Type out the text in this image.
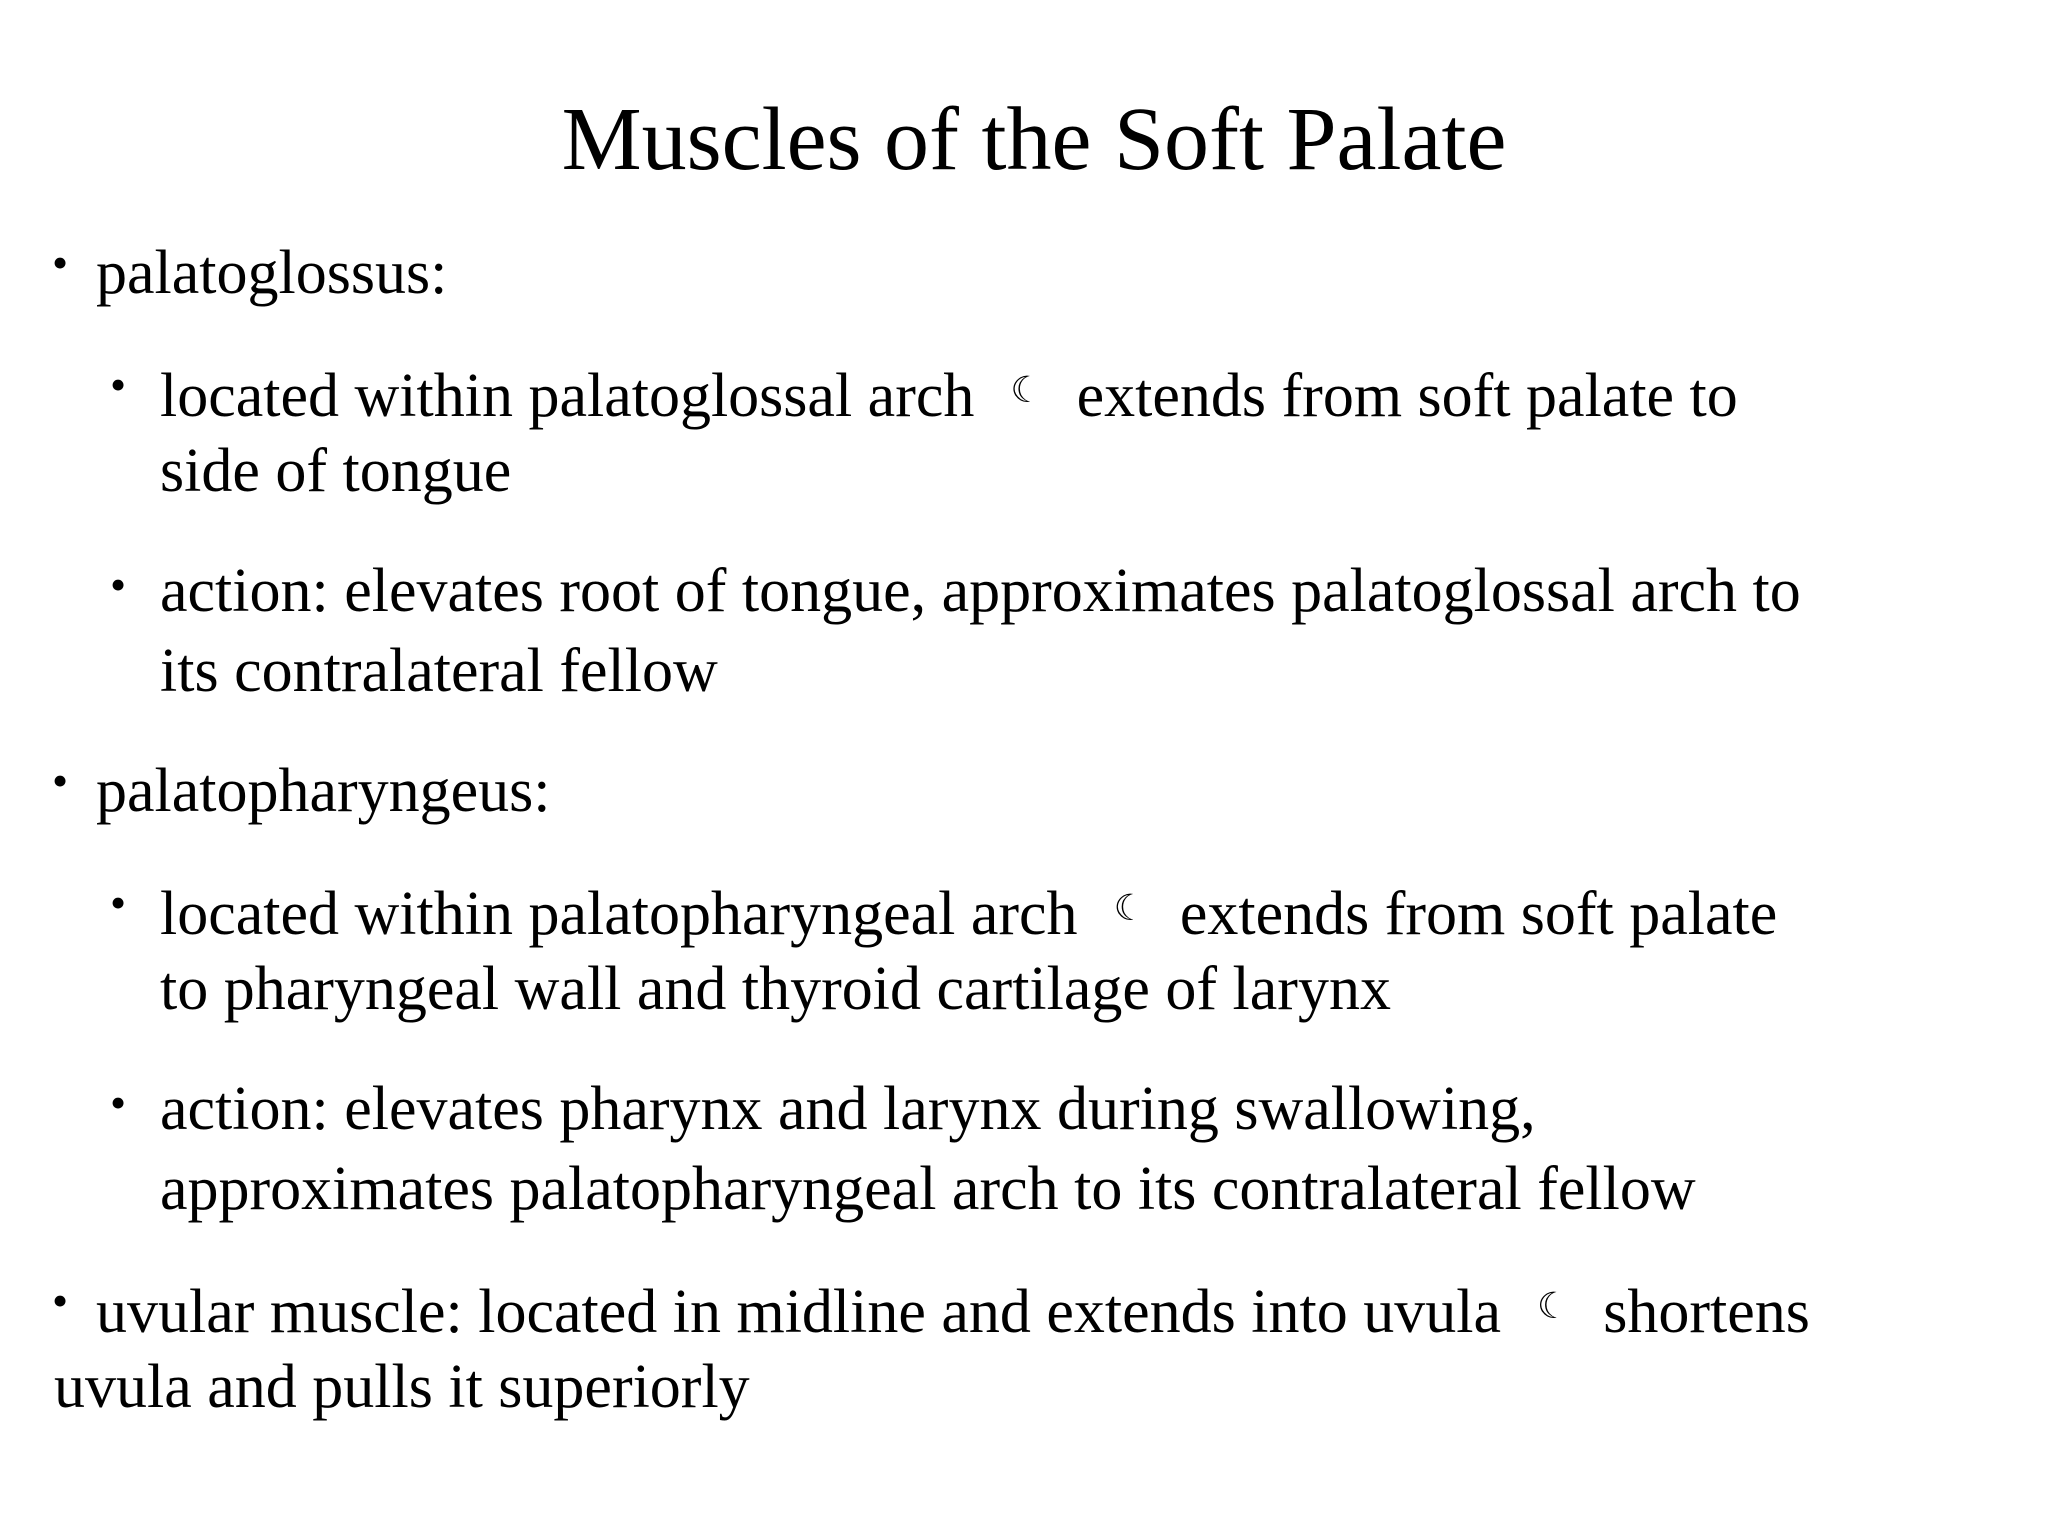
Muscles of the Soft Palate
• palatoglossus:
• located within palatoglossal arch ☾ extends from soft palate to
side of tongue
• action: elevates root of tongue, approximates palatoglossal arch to
its contralateral fellow
• palatopharyngeus:
• located within palatopharyngeal arch ☾ extends from soft palate
to pharyngeal wall and thyroid cartilage of larynx
• action: elevates pharynx and larynx during swallowing,
approximates palatopharyngeal arch to its contralateral fellow
• uvular muscle: located in midline and extends into uvula ☾ shortens
uvula and pulls it superiorly
